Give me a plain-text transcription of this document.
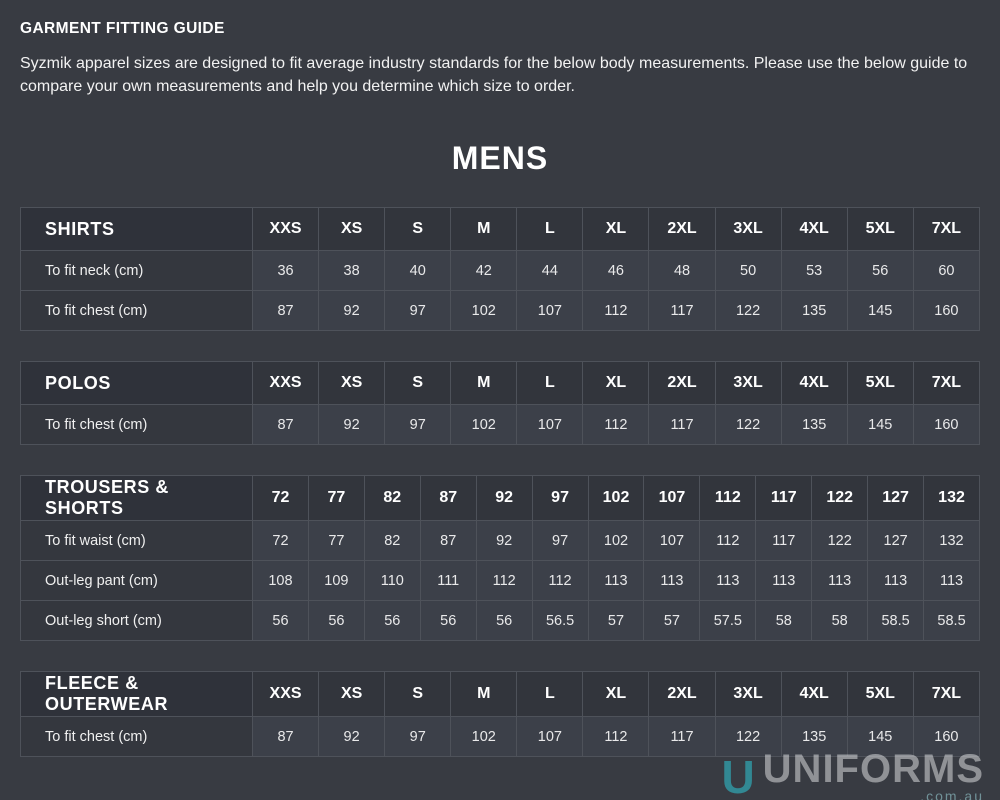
GARMENT FITTING GUIDE

Syzmik apparel sizes are designed to fit average industry standards for the below body measurements. Please use the below guide to compare your own measurements and help you determine which size to order.

MENS
SHIRTS	XXS	XS	S	M	L	XL	2XL	3XL	4XL	5XL	7XL
To fit neck (cm)	36	38	40	42	44	46	48	50	53	56	60
To fit chest (cm)	87	92	97	102	107	112	117	122	135	145	160
POLOS	XXS	XS	S	M	L	XL	2XL	3XL	4XL	5XL	7XL
To fit chest (cm)	87	92	97	102	107	112	117	122	135	145	160
TROUSERS & SHORTS	72	77	82	87	92	97	102	107	112	117	122	127	132
To fit waist (cm)	72	77	82	87	92	97	102	107	112	117	122	127	132
Out-leg pant (cm)	108	109	110	111	112	112	113	113	113	113	113	113	113
Out-leg short (cm)	56	56	56	56	56	56.5	57	57	57.5	58	58	58.5	58.5
FLEECE & OUTERWEAR	XXS	XS	S	M	L	XL	2XL	3XL	4XL	5XL	7XL
To fit chest (cm)	87	92	97	102	107	112	117	122	135	145	160
U UNIFORMS
.com.au
